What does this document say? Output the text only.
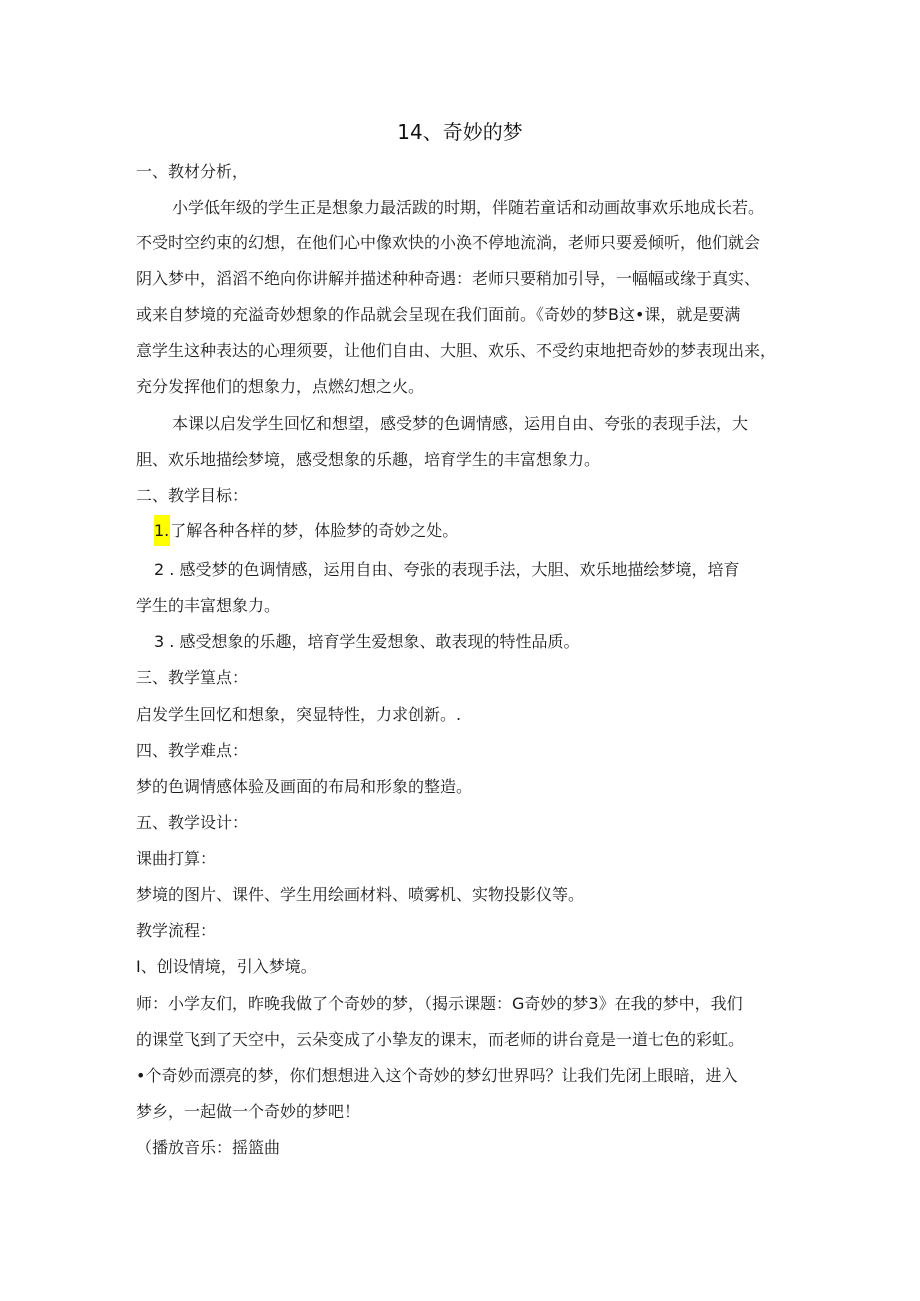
14、奇妙的梦
一、教材分析，
小学低年级的学生正是想象力最活跋的时期，伴随若童话和动画故事欢乐地成长若。
不受时空约束的幻想，在他们心中像欢快的小涣不停地流淌，老师只要爰倾听，他们就会
阴入梦中，滔滔不绝向你讲解并描述种种奇遇：老师只要稍加引导，一幅幅或缘于真实、
或来自梦境的充溢奇妙想象的作品就会呈现在我们面前。《奇妙的梦B这•课，就是要满
意学生这种表达的心理须要，让他们自由、大胆、欢乐、不受约束地把奇妙的梦表现出来，
充分发挥他们的想象力，点燃幻想之火。
本课以启发学生回忆和想望，感受梦的色调情感，运用自由、夸张的表现手法，大
胆、欢乐地描绘梦境，感受想象的乐趣，培育学生的丰富想象力。
二、教学目标：
1.了解各种各样的梦，体脸梦的奇妙之处。
2 . 感受梦的色调情感，运用自由、夸张的表现手法，大胆、欢乐地描绘梦境，培育
学生的丰富想象力。
3 . 感受想象的乐趣，培育学生爱想象、敢表现的特性品质。
三、教学篁点：
启发学生回忆和想象，突显特性，力求创新。.
四、教学难点：
梦的色调情感体验及画面的布局和形象的整造。
五、教学设计：
课曲打算：
梦境的图片、课件、学生用绘画材料、喷雾机、实物投影仪等。
教学流程：
I、创设情境，引入梦境。
师：小学友们，昨晚我做了个奇妙的梦，（揭示课题：G奇妙的梦3》在我的梦中，我们
的课堂飞到了天空中，云朵变成了小挚友的课末，而老师的讲台竟是一道七色的彩虹。
•个奇妙而漂亮的梦，你们想想进入这个奇妙的梦幻世界吗？让我们先闭上眼暗，进入
梦乡，一起做一个奇妙的梦吧！
（播放音乐：摇篮曲
